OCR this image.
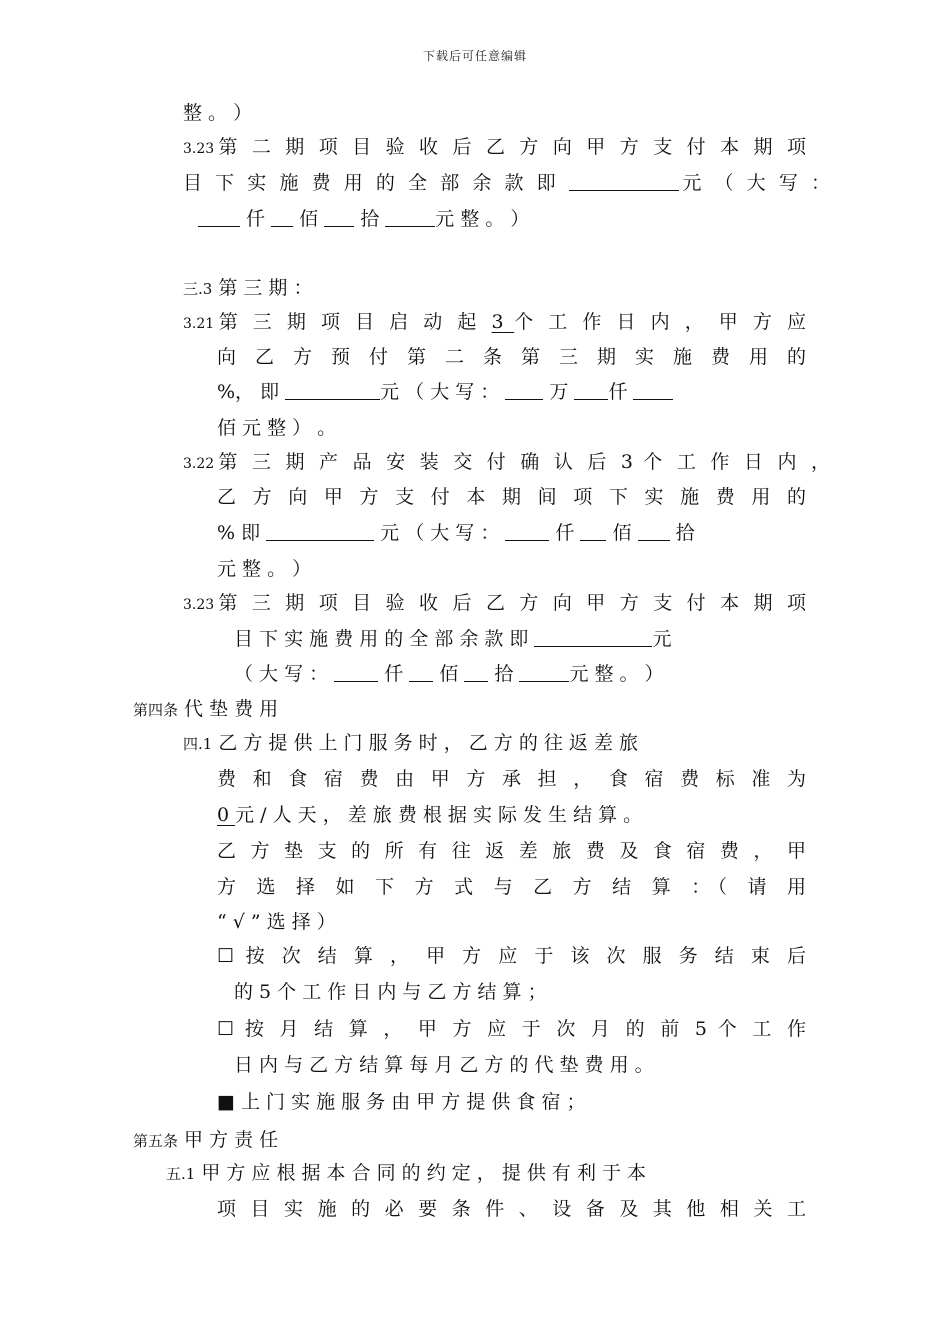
下载后可任意编辑
整 。 ）
3.23第 二 期 项 目 验 收 后 乙 方 向 甲 方 支 付 本 期 项
目 下 实 施 费 用 的 全 部 余 款 即	元 （ 大 写 ：
仟  佰  拾	元 整 。 ）
三.3 第 三 期 ：
3.21第 三 期 项 目 启 动 起 3 个 工 作 日 内 ， 甲 方 应
向 乙 方 预 付 第 二 条 第 三 期 实 施 费 用 的
%， 即	元 （ 大 写 ：  万 仟
佰 元 整 ） 。
3.22第 三 期 产 品 安 装 交 付 确 认 后 3 个 工 作 日 内 ，
乙 方 向 甲 方 支 付 本 期 间 项 下 实 施 费 用 的
% 即	元 （ 大 写 ：  仟  佰  拾
元 整 。 ）
3.23第 三 期 项 目 验 收 后 乙 方 向 甲 方 支 付 本 期 项
目 下 实 施 费 用 的 全 部 余 款 即	元
（ 大 写 ：  仟  佰  拾	元 整 。 ）
第四条 代 垫 费 用
四.1 乙 方 提 供 上 门 服 务 时 ， 乙 方 的 往 返 差 旅
费 和 食 宿 费 由 甲 方 承 担 ， 食 宿 费 标 准 为
0 元 / 人 天 ， 差 旅 费 根 据 实 际 发 生 结 算 。
乙 方 垫 支 的 所 有 往 返 差 旅 费 及 食 宿 费 ， 甲
方 选 择 如 下 方 式 与 乙 方 结 算 ：（ 请 用
“ √ ” 选 择 ）
☐ 按 次 结 算 ， 甲 方 应 于 该 次 服 务 结 束 后
的 5 个 工 作 日 内 与 乙 方 结 算 ；
☐ 按 月 结 算 ， 甲 方 应 于 次 月 的 前 5 个 工 作
日 内 与 乙 方 结 算 每 月 乙 方 的 代 垫 费 用 。
■ 上 门 实 施 服 务 由 甲 方 提 供 食 宿 ；
第五条 甲 方 责 任
五.1 甲 方 应 根 据 本 合 同 的 约 定 ， 提 供 有 利 于 本
项 目 实 施 的 必 要 条 件 、 设 备 及 其 他 相 关 工
